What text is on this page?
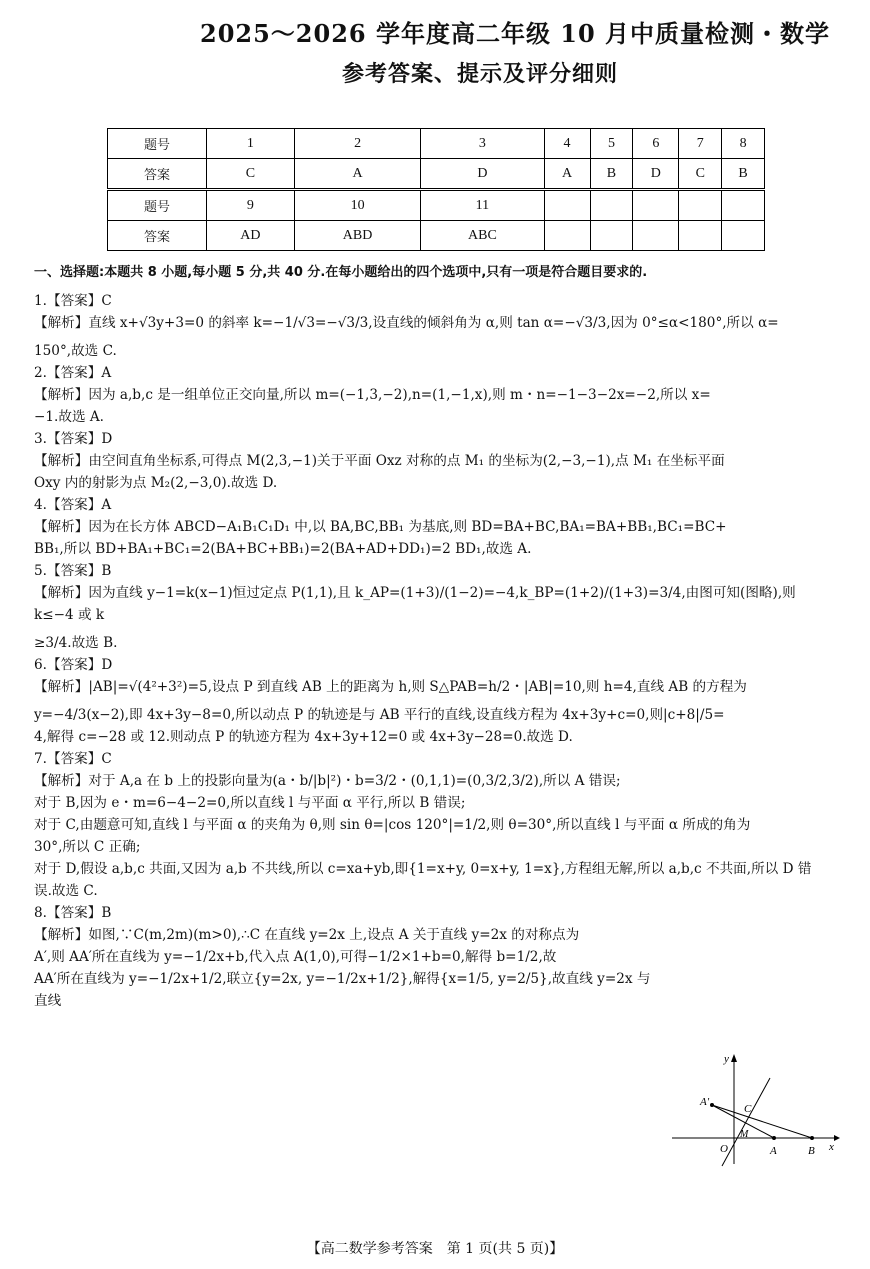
2025～2026 学年度高二年级 10 月中质量检测・数学
参考答案、提示及评分细则
题号	1	2	3	4	5	6	7	8
答案	C	A	D	A	B	D	C	B
题号	9	10	11					
答案	AD	ABD	ABC					

一、选择题:本题共 8 小题,每小题 5 分,共 40 分.在每小题给出的四个选项中,只有一项是符合题目要求的.

1.【答案】C

【解析】直线 x+√3y+3=0 的斜率 k=−1/√3=−√3/3,设直线的倾斜角为 α,则 tan α=−√3/3,因为 0°≤α<180°,所以 α=

150°,故选 C.

2.【答案】A

【解析】因为 a,b,c 是一组单位正交向量,所以 m=(−1,3,−2),n=(1,−1,x),则 m・n=−1−3−2x=−2,所以 x=

−1.故选 A.

3.【答案】D

【解析】由空间直角坐标系,可得点 M(2,3,−1)关于平面 Oxz 对称的点 M₁ 的坐标为(2,−3,−1),点 M₁ 在坐标平面

Oxy 内的射影为点 M₂(2,−3,0).故选 D.

4.【答案】A

【解析】因为在长方体 ABCD−A₁B₁C₁D₁ 中,以 BA,BC,BB₁ 为基底,则 BD=BA+BC,BA₁=BA+BB₁,BC₁=BC+

BB₁,所以 BD+BA₁+BC₁=2(BA+BC+BB₁)=2(BA+AD+DD₁)=2 BD₁,故选 A.

5.【答案】B

【解析】因为直线 y−1=k(x−1)恒过定点 P(1,1),且 k_AP=(1+3)/(1−2)=−4,k_BP=(1+2)/(1+3)=3/4,由图可知(图略),则k≤−4 或 k

≥3/4.故选 B.

6.【答案】D

【解析】|AB|=√(4²+3²)=5,设点 P 到直线 AB 上的距离为 h,则 S△PAB=h/2・|AB|=10,则 h=4,直线 AB 的方程为

y=−4/3(x−2),即 4x+3y−8=0,所以动点 P 的轨迹是与 AB 平行的直线,设直线方程为 4x+3y+c=0,则|c+8|/5=

4,解得 c=−28 或 12.则动点 P 的轨迹方程为 4x+3y+12=0 或 4x+3y−28=0.故选 D.

7.【答案】C

【解析】对于 A,a 在 b 上的投影向量为(a・b/|b|²)・b=3/2・(0,1,1)=(0,3/2,3/2),所以 A 错误;

对于 B,因为 e・m=6−4−2=0,所以直线 l 与平面 α 平行,所以 B 错误;

对于 C,由题意可知,直线 l 与平面 α 的夹角为 θ,则 sin θ=|cos 120°|=1/2,则 θ=30°,所以直线 l 与平面 α 所成的角为

30°,所以 C 正确;

对于 D,假设 a,b,c 共面,又因为 a,b 不共线,所以 c=xa+yb,即{1=x+y, 0=x+y, 1=x},方程组无解,所以 a,b,c 不共面,所以 D 错

误.故选 C.

8.【答案】B

【解析】如图,∵C(m,2m)(m>0),∴C 在直线 y=2x 上,设点 A 关于直线 y=2x 的对称点为

A′,则 AA′所在直线为 y=−1/2x+b,代入点 A(1,0),可得−1/2×1+b=0,解得 b=1/2,故

AA′所在直线为 y=−1/2x+1/2,联立{y=2x, y=−1/2x+1/2},解得{x=1/5, y=2/5},故直线 y=2x 与直线

y
x
O	A	B
A′
C
M
【高二数学参考答案　第 1 页(共 5 页)】
